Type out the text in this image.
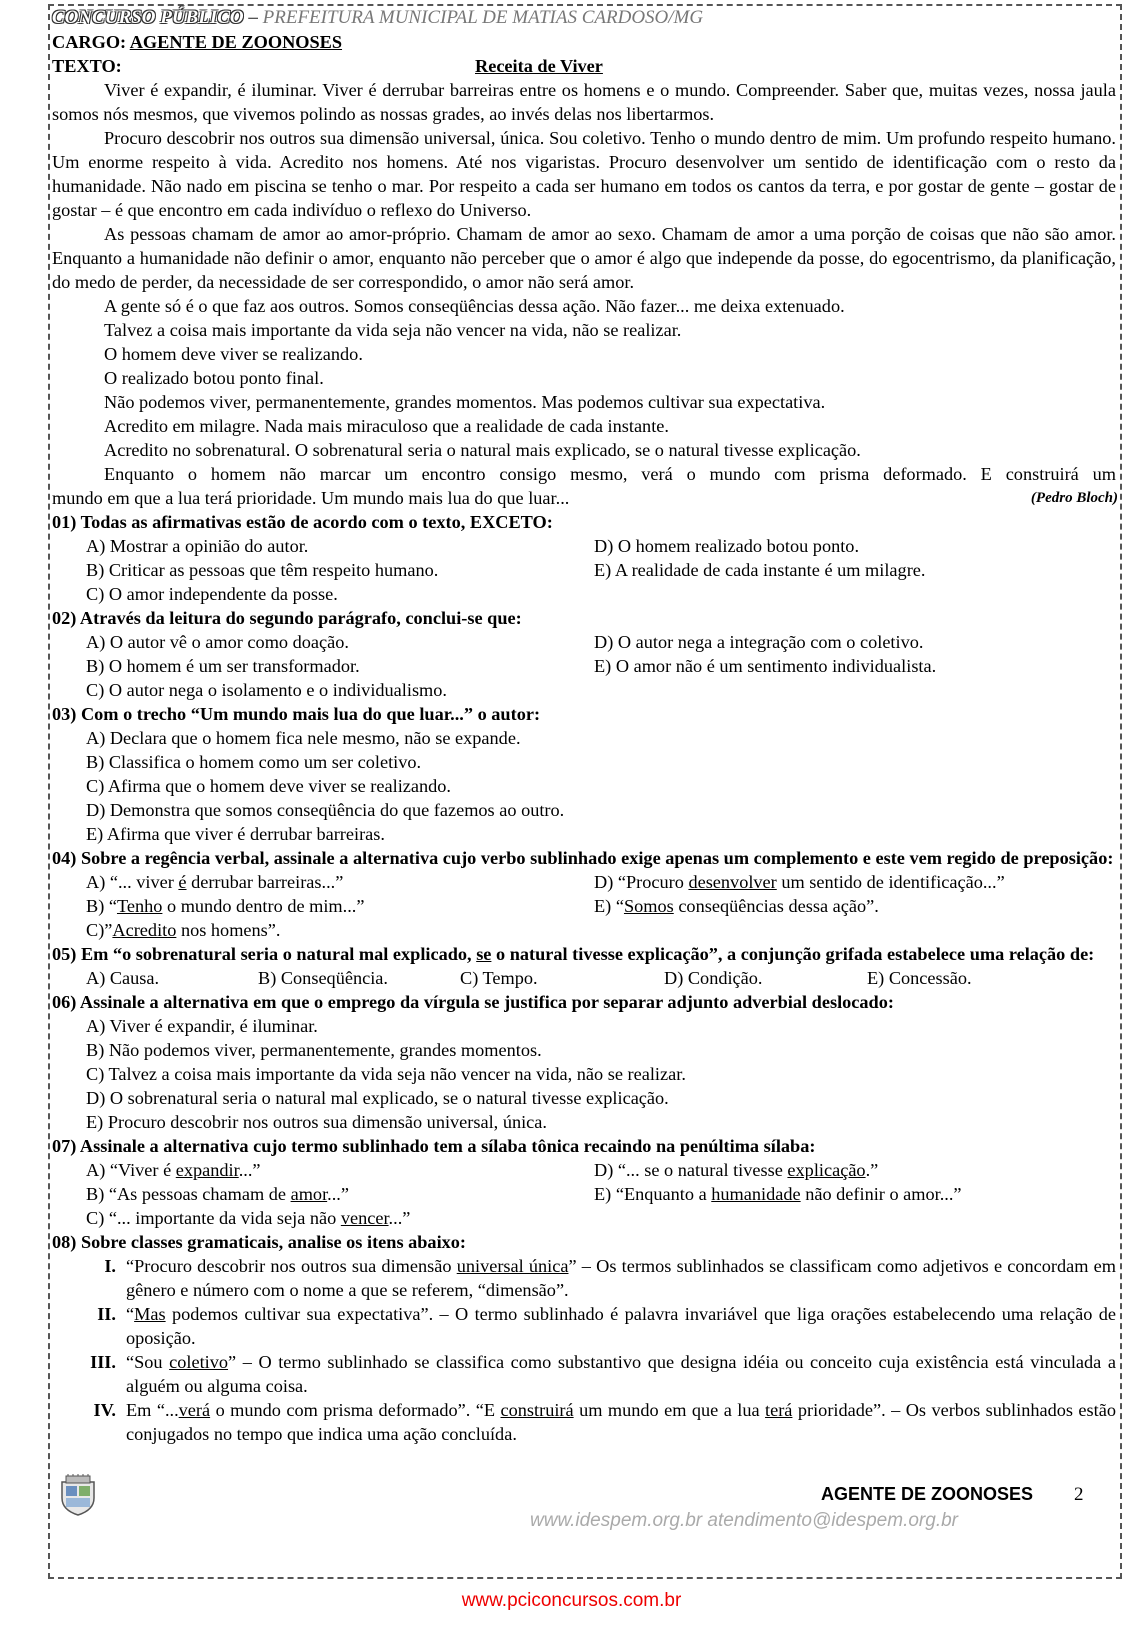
CONCURSO PÚBLICO – PREFEITURA MUNICIPAL DE MATIAS CARDOSO/MG
CARGO: AGENTE DE ZOONOSES
TEXTO:	Receita de Viver

Viver é expandir, é iluminar. Viver é derrubar barreiras entre os homens e o mundo. Compreender. Saber que, muitas vezes, nossa jaula somos nós mesmos, que vivemos polindo as nossas grades, ao invés delas nos libertarmos.

Procuro descobrir nos outros sua dimensão universal, única. Sou coletivo. Tenho o mundo dentro de mim. Um profundo respeito humano. Um enorme respeito à vida. Acredito nos homens. Até nos vigaristas. Procuro desenvolver um sentido de identificação com o resto da humanidade. Não nado em piscina se tenho o mar. Por respeito a cada ser humano em todos os cantos da terra, e por gostar de gente – gostar de gostar – é que encontro em cada indivíduo o reflexo do Universo.

As pessoas chamam de amor ao amor-próprio. Chamam de amor ao sexo. Chamam de amor a uma porção de coisas que não são amor. Enquanto a humanidade não definir o amor, enquanto não perceber que o amor é algo que independe da posse, do egocentrismo, da planificação, do medo de perder, da necessidade de ser correspondido, o amor não será amor.

A gente só é o que faz aos outros. Somos conseqüências dessa ação. Não fazer... me deixa extenuado.

Talvez a coisa mais importante da vida seja não vencer na vida, não se realizar.

O homem deve viver se realizando.

O realizado botou ponto final.

Não podemos viver, permanentemente, grandes momentos. Mas podemos cultivar sua expectativa.

Acredito em milagre. Nada mais miraculoso que a realidade de cada instante.

Acredito no sobrenatural. O sobrenatural seria o natural mais explicado, se o natural tivesse explicação.

Enquanto o homem não marcar um encontro consigo mesmo, verá o mundo com prisma deformado. E construirá um

mundo em que a lua terá prioridade. Um mundo mais lua do que luar...	(Pedro Bloch)

01) Todas as afirmativas estão de acordo com o texto, EXCETO:

A) Mostrar a opinião do autor.	D) O homem realizado botou ponto.
B) Criticar as pessoas que têm respeito humano.	E) A realidade de cada instante é um milagre.
C) O amor independente da posse.

02) Através da leitura do segundo parágrafo, conclui-se que:

A) O autor vê o amor como doação.	D) O autor nega a integração com o coletivo.
B) O homem é um ser transformador.	E) O amor não é um sentimento individualista.
C) O autor nega o isolamento e o individualismo.

03) Com o trecho “Um mundo mais lua do que luar...” o autor:

A) Declara que o homem fica nele mesmo, não se expande.
B) Classifica o homem como um ser coletivo.
C) Afirma que o homem deve viver se realizando.
D) Demonstra que somos conseqüência do que fazemos ao outro.
E) Afirma que viver é derrubar barreiras.

04) Sobre a regência verbal, assinale a alternativa cujo verbo sublinhado exige apenas um complemento e este vem regido de preposição:

A) “... viver é derrubar barreiras...”	D) “Procuro desenvolver um sentido de identificação...”
B) “Tenho o mundo dentro de mim...”	E) “Somos conseqüências dessa ação”.
C)”Acredito nos homens”.

05) Em “o sobrenatural seria o natural mal explicado, se o natural tivesse explicação”, a conjunção grifada estabelece uma relação de:

A) Causa.	B) Conseqüência.	C) Tempo.	D) Condição.	E) Concessão.

06) Assinale a alternativa em que o emprego da vírgula se justifica por separar adjunto adverbial deslocado:

A) Viver é expandir, é iluminar.
B) Não podemos viver, permanentemente, grandes momentos.
C) Talvez a coisa mais importante da vida seja não vencer na vida, não se realizar.
D) O sobrenatural seria o natural mal explicado, se o natural tivesse explicação.
E) Procuro descobrir nos outros sua dimensão universal, única.

07) Assinale a alternativa cujo termo sublinhado tem a sílaba tônica recaindo na penúltima sílaba:

A) “Viver é expandir...”	D) “... se o natural tivesse explicação.”
B) “As pessoas chamam de amor...”	E) “Enquanto a humanidade não definir o amor...”
C) “... importante da vida seja não vencer...”

08) Sobre classes gramaticais, analise os itens abaixo:

I. “Procuro descobrir nos outros sua dimensão universal única” – Os termos sublinhados se classificam como adjetivos e concordam em gênero e número com o nome a que se referem, “dimensão”.
II. “Mas podemos cultivar sua expectativa”. – O termo sublinhado é palavra invariável que liga orações estabelecendo uma relação de oposição.
III. “Sou coletivo” – O termo sublinhado se classifica como substantivo que designa idéia ou conceito cuja existência está vinculada a alguém ou alguma coisa.
IV. Em “...verá o mundo com prisma deformado”. “E construirá um mundo em que a lua terá prioridade”. – Os verbos sublinhados estão conjugados no tempo que indica uma ação concluída.
AGENTE DE ZOONOSES 2
www.idespem.org.br atendimento@idespem.org.br
www.pciconcursos.com.br
